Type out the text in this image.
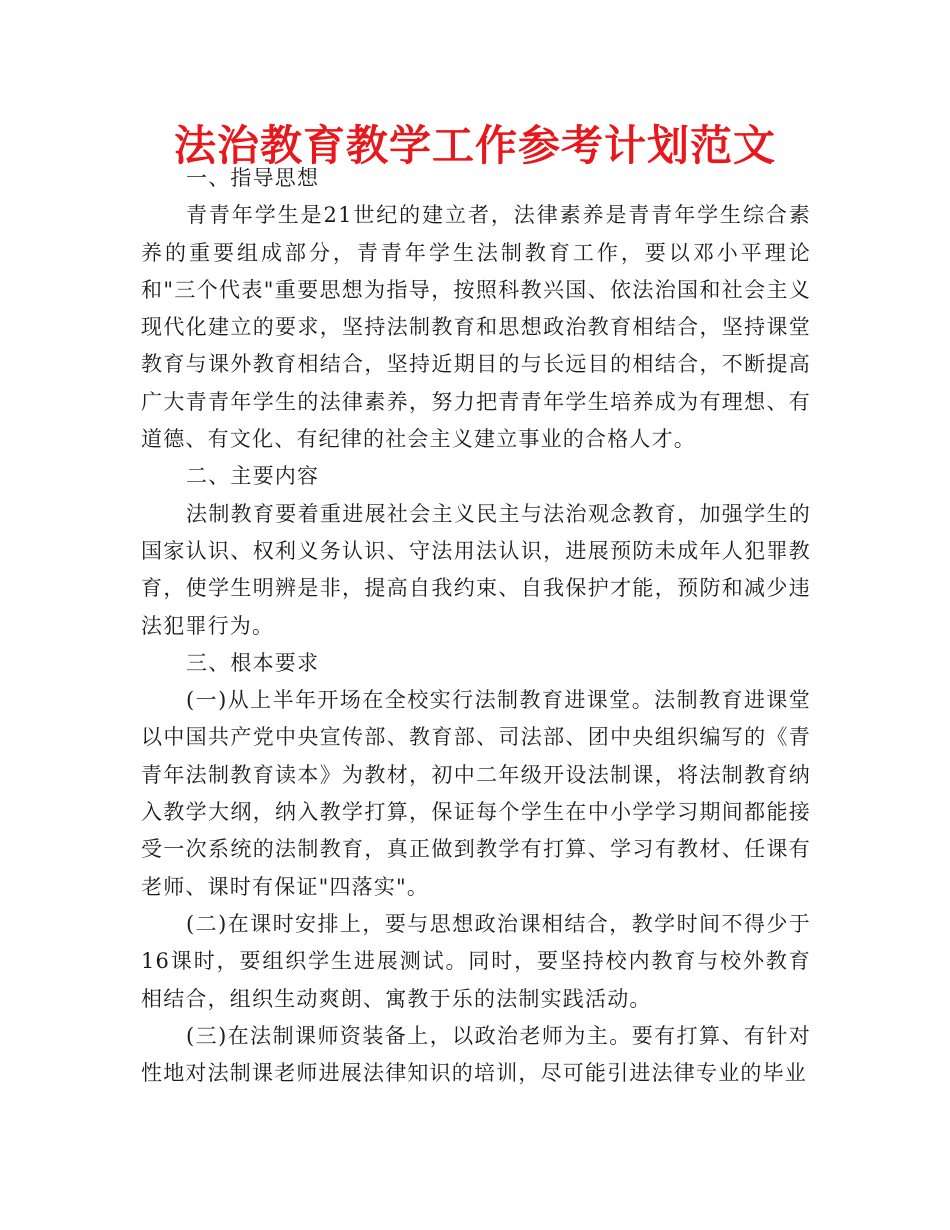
法治教育教学工作参考计划范文

一、指导思想

青青年学生是21世纪的建立者，法律素养是青青年学生综合素养的重要组成部分，青青年学生法制教育工作，要以邓小平理论和"三个代表"重要思想为指导，按照科教兴国、依法治国和社会主义现代化建立的要求，坚持法制教育和思想政治教育相结合，坚持课堂教育与课外教育相结合，坚持近期目的与长远目的相结合，不断提高广大青青年学生的法律素养，努力把青青年学生培养成为有理想、有道德、有文化、有纪律的社会主义建立事业的合格人才。

二、主要内容

法制教育要着重进展社会主义民主与法治观念教育，加强学生的国家认识、权利义务认识、守法用法认识，进展预防未成年人犯罪教育，使学生明辨是非，提高自我约束、自我保护才能，预防和减少违法犯罪行为。

三、根本要求

(一)从上半年开场在全校实行法制教育进课堂。法制教育进课堂以中国共产党中央宣传部、教育部、司法部、团中央组织编写的《青青年法制教育读本》为教材，初中二年级开设法制课，将法制教育纳入教学大纲，纳入教学打算，保证每个学生在中小学学习期间都能接受一次系统的法制教育，真正做到教学有打算、学习有教材、任课有老师、课时有保证"四落实"。

(二)在课时安排上，要与思想政治课相结合，教学时间不得少于16课时，要组织学生进展测试。同时，要坚持校内教育与校外教育相结合，组织生动爽朗、寓教于乐的法制实践活动。

(三)在法制课师资装备上，以政治老师为主。要有打算、有针对性地对法制课老师进展法律知识的培训，尽可能引进法律专业的毕业
